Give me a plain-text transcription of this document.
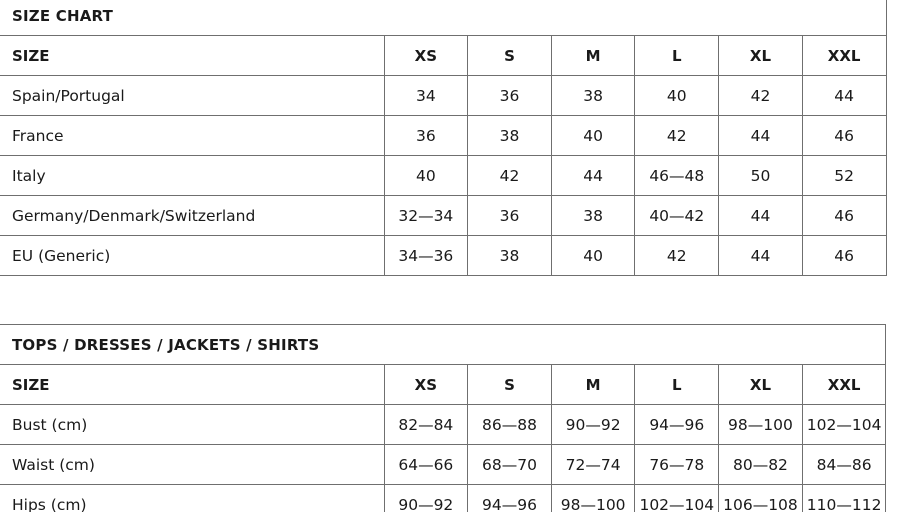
SIZE CHART						
SIZE	XS	S	M	L	XL	XXL
Spain/Portugal	34	36	38	40	42	44
France	36	38	40	42	44	46
Italy	40	42	44	46—48	50	52
Germany/Denmark/Switzerland	32—34	36	38	40—42	44	46
EU (Generic)	34—36	38	40	42	44	46
TOPS / DRESSES / JACKETS / SHIRTS						
SIZE	XS	S	M	L	XL	XXL
Bust (cm)	82—84	86—88	90—92	94—96	98—100	102—104
Waist (cm)	64—66	68—70	72—74	76—78	80—82	84—86
Hips (cm)	90—92	94—96	98—100	102—104	106—108	110—112
